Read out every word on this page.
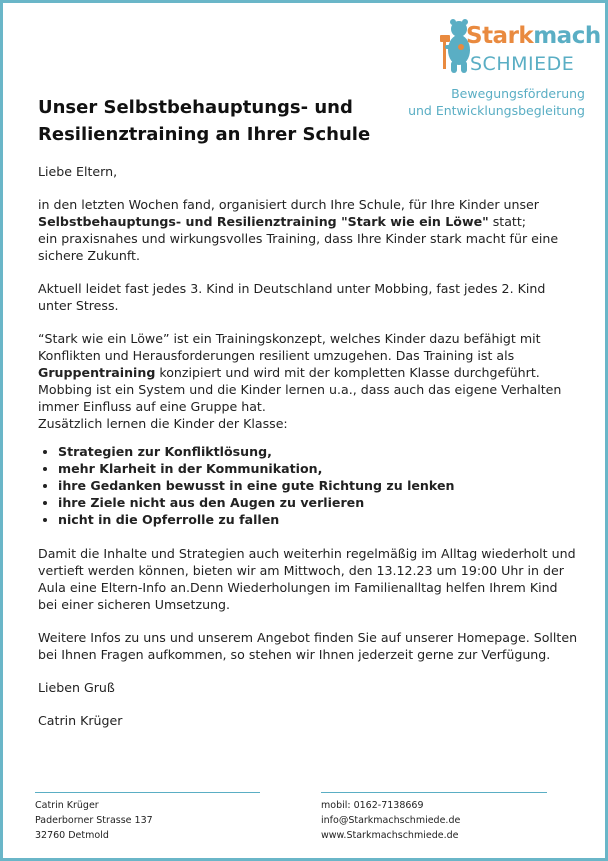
Starkmach
SCHMIEDE
Bewegungsförderung
und Entwicklungsbegleitung
Unser Selbstbehauptungs- und
Resilienztraining an Ihrer Schule

Liebe Eltern,

in den letzten Wochen fand, organisiert durch Ihre Schule, für Ihre Kinder unser
Selbstbehauptungs- und Resilienztraining "Stark wie ein Löwe" statt;
ein praxisnahes und wirkungsvolles Training, dass Ihre Kinder stark macht für eine sichere Zukunft.

Aktuell leidet fast jedes 3. Kind in Deutschland unter Mobbing, fast jedes 2. Kind unter Stress.

“Stark wie ein Löwe” ist ein Trainingskonzept, welches Kinder dazu befähigt mit Konflikten und Herausforderungen resilient umzugehen. Das Training ist als Gruppentraining konzipiert und wird mit der kompletten Klasse durchgeführt. Mobbing ist ein System und die Kinder lernen u.a., dass auch das eigene Verhalten immer Einfluss auf eine Gruppe hat.
Zusätzlich lernen die Kinder der Klasse:

• Strategien zur Konfliktlösung,
• mehr Klarheit in der Kommunikation,
• ihre Gedanken bewusst in eine gute Richtung zu lenken
• ihre Ziele nicht aus den Augen zu verlieren
• nicht in die Opferrolle zu fallen

Damit die Inhalte und Strategien auch weiterhin regelmäßig im Alltag wiederholt und vertieft werden können, bieten wir am Mittwoch, den 13.12.23 um 19:00 Uhr in der Aula eine Eltern-Info an.Denn Wiederholungen im Familienalltag helfen Ihrem Kind bei einer sicheren Umsetzung.

Weitere Infos zu uns und unserem Angebot finden Sie auf unserer Homepage. Sollten bei Ihnen Fragen aufkommen, so stehen wir Ihnen jederzeit gerne zur Verfügung.

Lieben Gruß

Catrin Krüger

Catrin Krüger
Paderborner Strasse 137
32760 Detmold
mobil: 0162-7138669
info@Starkmachschmiede.de
www.Starkmachschmiede.de
